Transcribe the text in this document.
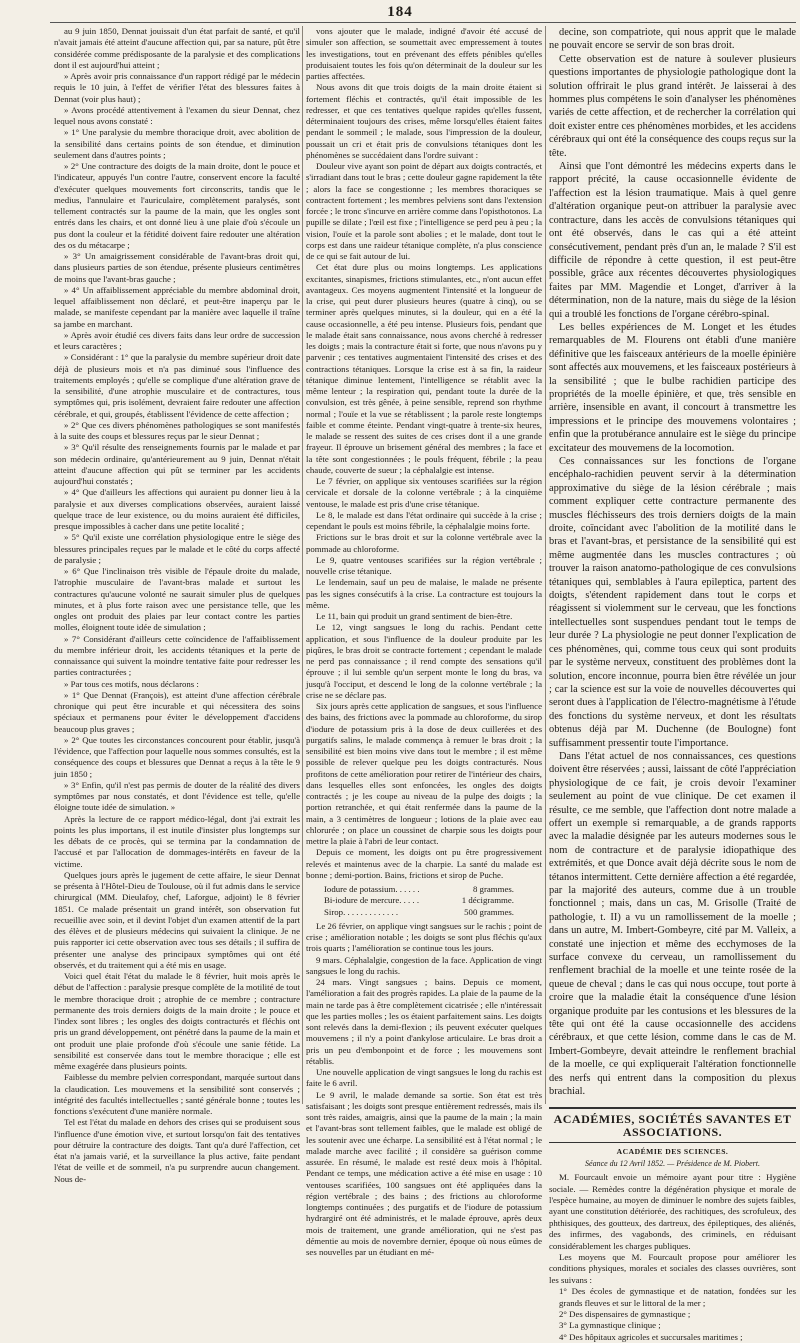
184

au 9 juin 1850, Dennat jouissait d'un état parfait de santé, et qu'il n'avait jamais été atteint d'aucune affection qui, par sa nature, pût être considérée comme prédisposante de la paralysie et des complications dont il est aujourd'hui atteint ;

» Après avoir pris connaissance d'un rapport rédigé par le médecin requis le 10 juin, à l'effet de vérifier l'état des blessures faites à Dennat (voir plus haut) ;

» Avons procédé attentivement à l'examen du sieur Dennat, chez lequel nous avons constaté :

» 1° Une paralysie du membre thoracique droit, avec abolition de la sensibilité dans certains points de son étendue, et diminution seulement dans d'autres points ;

» 2° Une contracture des doigts de la main droite, dont le pouce et l'indicateur, appuyés l'un contre l'autre, conservent encore la faculté d'exécuter quelques mouvements fort circonscrits, tandis que le medius, l'annulaire et l'auriculaire, complètement paralysés, sont tellement contractés sur la paume de la main, que les ongles sont entrés dans les chairs, et ont donné lieu à une plaie d'où s'écoule un pus dont la couleur et la fétidité doivent faire redouter une altération des os du métacarpe ;

» 3° Un amaigrissement considérable de l'avant-bras droit qui, dans plusieurs parties de son étendue, présente plusieurs centimètres de moins que l'avant-bras gauche ;

» 4° Un affaiblissement appréciable du membre abdominal droit, lequel affaiblissement non déclaré, et peut-être inaperçu par le malade, se manifeste cependant par la manière avec laquelle il traîne sa jambe en marchant.

» Après avoir étudié ces divers faits dans leur ordre de succession et leurs caractères ;

» Considérant : 1° que la paralysie du membre supérieur droit date déjà de plusieurs mois et n'a pas diminué sous l'influence des traitements employés ; qu'elle se complique d'une altération grave de la sensibilité, d'une atrophie musculaire et de contractures, tous symptômes qui, pris isolément, devraient faire redouter une affection cérébrale, et qui, groupés, établissent l'évidence de cette affection ;

» 2° Que ces divers phénomènes pathologiques se sont manifestés à la suite des coups et blessures reçus par le sieur Dennat ;

» 3° Qu'il résulte des renseignements fournis par le malade et par son médecin ordinaire, qu'antérieurement au 9 juin, Dennat n'était atteint d'aucune affection qui pût se terminer par les accidents aujourd'hui constatés ;

» 4° Que d'ailleurs les affections qui auraient pu donner lieu à la paralysie et aux diverses complications observées, auraient laissé quelque trace de leur existence, ou du moins auraient été difficiles, presque impossibles à cacher dans une petite localité ;

» 5° Qu'il existe une corrélation physiologique entre le siège des blessures principales reçues par le malade et le côté du corps affecté de paralysie ;

» 6° Que l'inclinaison très visible de l'épaule droite du malade, l'atrophie musculaire de l'avant-bras malade et surtout les contractures qu'aucune volonté ne saurait simuler plus de quelques minutes, et à plus forte raison avec une persistance telle, que les ongles ont produit des plaies par leur contact contre les parties molles, éloignent toute idée de simulation ;

» 7° Considérant d'ailleurs cette coïncidence de l'affaiblissement du membre inférieur droit, les accidents tétaniques et la perte de connaissance qui suivent la moindre tentative faite pour redresser les parties contracturées ;

» Par tous ces motifs, nous déclarons :

» 1° Que Dennat (François), est atteint d'une affection cérébrale chronique qui peut être incurable et qui nécessitera des soins spéciaux et permanens pour éviter le développement d'accidens beaucoup plus graves ;

» 2° Que toutes les circonstances concourent pour établir, jusqu'à l'évidence, que l'affection pour laquelle nous sommes consultés, est la conséquence des coups et blessures que Dennat a reçus à la tête le 9 juin 1850 ;

» 3° Enfin, qu'il n'est pas permis de douter de la réalité des divers symptômes par nous constatés, et dont l'évidence est telle, qu'elle éloigne toute idée de simulation. »

Après la lecture de ce rapport médico-légal, dont j'ai extrait les points les plus importans, il est inutile d'insister plus longtemps sur les débats de ce procès, qui se termina par la condamnation de l'accusé et par l'allocation de dommages-intérêts en faveur de la victime.

Quelques jours après le jugement de cette affaire, le sieur Dennat se présenta à l'Hôtel-Dieu de Toulouse, où il fut admis dans le service chirurgical (MM. Dieulafoy, chef, Laforgue, adjoint) le 8 février 1851. Ce malade présentait un grand intérêt, son observation fut recueillie avec soin, et il devint l'objet d'un examen attentif de la part des élèves et de plusieurs médecins qui suivaient la clinique. Je ne puis rapporter ici cette observation avec tous ses détails ; il suffira de présenter une analyse des principaux symptômes qui ont été observés, et du traitement qui a été mis en usage.

Voici quel était l'état du malade le 8 février, huit mois après le début de l'affection : paralysie presque complète de la motilité de tout le membre thoracique droit ; atrophie de ce membre ; contracture permanente des trois derniers doigts de la main droite ; le pouce et l'index sont libres ; les ongles des doigts contracturés et fléchis ont pris un grand développement, ont pénétré dans la paume de la main et ont produit une plaie profonde d'où s'écoule une sanie fétide. La sensibilité est conservée dans tout le membre thoracique ; elle est même exagérée dans plusieurs points.

Faiblesse du membre pelvien correspondant, marquée surtout dans la claudication. Les mouvemens et la sensibilité sont conservés ; intégrité des facultés intellectuelles ; santé générale bonne ; toutes les fonctions s'exécutent d'une manière normale.

Tel est l'état du malade en dehors des crises qui se produisent sous l'influence d'une émotion vive, et surtout lorsqu'on fait des tentatives pour détruire la contracture des doigts. Tant qu'a duré l'affection, cet état n'a jamais varié, et la surveillance la plus active, faite pendant l'état de veille et de sommeil, n'a pu surprendre aucun changement. Nous de-

vons ajouter que le malade, indigné d'avoir été accusé de simuler son affection, se soumettait avec empressement à toutes les investigations, tout en prévenant des effets pénibles qu'elles produisaient toutes les fois qu'on déterminait de la douleur sur les parties affectées.

Nous avons dit que trois doigts de la main droite étaient si fortement fléchis et contractés, qu'il était impossible de les redresser, et que ces tentatives quelque rapides qu'elles fussent, déterminaient toujours des crises, même lorsqu'elles étaient faites pendant le sommeil ; le malade, sous l'impression de la douleur, poussait un cri et était pris de convulsions tétaniques dont les phénomènes se succédaient dans l'ordre suivant :

Douleur vive ayant son point de départ aux doigts contractés, et s'irradiant dans tout le bras ; cette douleur gagne rapidement la tête ; alors la face se congestionne ; les membres thoraciques se contractent fortement ; les membres pelviens sont dans l'extension forcée ; le tronc s'incurve en arrière comme dans l'opisthotonos. La pupille se dilate ; l'œil est fixe ; l'intelligence se perd peu à peu ; la vision, l'ouïe et la parole sont abolies ; et le malade, dont tout le corps est dans une raideur tétanique complète, n'a plus conscience de ce qui se fait autour de lui.

Cet état dure plus ou moins longtemps. Les applications excitantes, sinapismes, frictions stimulantes, etc., n'ont aucun effet avantageux. Ces moyens augmentent l'intensité et la longueur de la crise, qui peut durer plusieurs heures (quatre à cinq), ou se terminer après quelques minutes, si la douleur, qui en a été la cause occasionnelle, a été peu intense. Plusieurs fois, pendant que le malade était sans connaissance, nous avons cherché à redresser les doigts ; mais la contracture était si forte, que nous n'avons pu y parvenir ; ces tentatives augmentaient l'intensité des crises et des contractions tétaniques. Lorsque la crise est à sa fin, la raideur tétanique diminue lentement, l'intelligence se rétablit avec la même lenteur ; la respiration qui, pendant toute la durée de la convulsion, est très gênée, à peine sensible, reprend son rhythme normal ; l'ouïe et la vue se rétablissent ; la parole reste longtemps faible et comme éteinte. Pendant vingt-quatre à trente-six heures, le malade se ressent des suites de ces crises dont il a une grande frayeur. Il éprouve un brisement général des membres ; la face et la tête sont congestionnées ; le pouls fréquent, fébrile ; la peau chaude, couverte de sueur ; la céphalalgie est intense.

Le 7 février, on applique six ventouses scarifiées sur la région cervicale et dorsale de la colonne vertébrale ; à la cinquième ventouse, le malade est pris d'une crise tétanique.

Le 8, le malade est dans l'état ordinaire qui succède à la crise ; cependant le pouls est moins fébrile, la céphalalgie moins forte.

Frictions sur le bras droit et sur la colonne vertébrale avec la pommade au chloroforme.

Le 9, quatre ventouses scarifiées sur la région vertébrale ; nouvelle crise tétanique.

Le lendemain, sauf un peu de malaise, le malade ne présente pas les signes consécutifs à la crise. La contracture est toujours la même.

Le 11, bain qui produit un grand sentiment de bien-être.

Le 12, vingt sangsues le long du rachis. Pendant cette application, et sous l'influence de la douleur produite par les piqûres, le bras droit se contracte fortement ; cependant le malade ne perd pas connaissance ; il rend compte des sensations qu'il éprouve ; il lui semble qu'un serpent monte le long du bras, va jusqu'à l'occiput, et descend le long de la colonne vertébrale ; la crise ne se déclare pas.

Six jours après cette application de sangsues, et sous l'influence des bains, des frictions avec la pommade au chloroforme, du sirop d'iodure de potassium pris à la dose de deux cuillerées et des purgatifs salins, le malade commença à remuer le bras droit ; la sensibilité est bien moins vive dans tout le membre ; il est même possible de relever quelque peu les doigts contracturés. Nous profitons de cette amélioration pour retirer de l'intérieur des chairs, dans lesquelles elles sont enfoncées, les ongles des doigts contractés ; je les coupe au niveau de la pulpe des doigts ; la portion retranchée, et qui était renfermée dans la paume de la main, a 3 centimètres de longueur ; lotions de la plaie avec eau chlorurée ; on place un coussinet de charpie sous les doigts pour mettre la plaie à l'abri de leur contact.

Depuis ce moment, les doigts ont pu être progressivement relevés et maintenus avec de la charpie. La santé du malade est bonne ; demi-portion. Bains, frictions et sirop de Puche.

Iodure de potassium. . . . . .	8 grammes.
Bi-iodure de mercure. . . . .	1 décigramme.
Sirop. . . . . . . . . . . . .	500 grammes.

Le 26 février, on applique vingt sangsues sur le rachis ; point de crise ; amélioration notable ; les doigts se sont plus fléchis qu'aux trois quarts ; l'amélioration se continue tous les jours.

9 mars. Céphalalgie, congestion de la face. Application de vingt sangsues le long du rachis.

24 mars. Vingt sangsues ; bains. Depuis ce moment, l'amélioration a fait des progrès rapides. La plaie de la paume de la main ne tarde pas à être complètement cicatrisée ; elle n'intéressait que les parties molles ; les os étaient parfaitement sains. Les doigts sont relevés dans la demi-flexion ; ils peuvent exécuter quelques mouvemens ; il n'y a point d'ankylose articulaire. Le bras droit a pris un peu d'embonpoint et de force ; les mouvemens sont rétablis.

Une nouvelle application de vingt sangsues le long du rachis est faite le 6 avril.

Le 9 avril, le malade demande sa sortie. Son état est très satisfaisant ; les doigts sont presque entièrement redressés, mais ils sont très raides, amaigris, ainsi que la paume de la main ; la main et l'avant-bras sont tellement faibles, que le malade est obligé de les soutenir avec une écharpe. La sensibilité est à l'état normal ; le malade marche avec facilité ; il considère sa guérison comme assurée. En résumé, le malade est resté deux mois à l'hôpital. Pendant ce temps, une médication active a été mise en usage : 10 ventouses scarifiées, 100 sangsues ont été appliquées dans la région vertébrale ; des bains ; des frictions au chloroforme longtemps continuées ; des purgatifs et de l'iodure de potassium hydrargiré ont été administrés, et le malade éprouve, après deux mois de traitement, une grande amélioration, qui ne s'est pas démentie au mois de novembre dernier, époque où nous eûmes de ses nouvelles par un étudiant en mé-

decine, son compatriote, qui nous apprit que le malade ne pouvait encore se servir de son bras droit.

Cette observation est de nature à soulever plusieurs questions importantes de physiologie pathologique dont la solution offrirait le plus grand intérêt. Je laisserai à des hommes plus compétens le soin d'analyser les phénomènes variés de cette affection, et de rechercher la corrélation qui doit exister entre ces phénomènes morbides, et les accidens cérébraux qui ont été la conséquence des coups reçus sur la tête.

Ainsi que l'ont démontré les médecins experts dans le rapport précité, la cause occasionnelle évidente de l'affection est la lésion traumatique. Mais à quel genre d'altération organique peut-on attribuer la paralysie avec contracture, dans les accès de convulsions tétaniques qui ont été observés, dans le cas qui a été atteint consécutivement, pendant près d'un an, le malade ? S'il est difficile de répondre à cette question, il est peut-être possible, grâce aux récentes découvertes physiologiques faites par MM. Magendie et Longet, d'arriver à la détermination, non de la nature, mais du siège de la lésion qui a troublé les fonctions de l'organe cérébro-spinal.

Les belles expériences de M. Longet et les études remarquables de M. Flourens ont établi d'une manière définitive que les faisceaux antérieurs de la moelle épinière sont affectés aux mouvemens, et les faisceaux postérieurs à la sensibilité ; que le bulbe rachidien participe des propriétés de la moelle épinière, et que, très sensible en arrière, insensible en avant, il concourt à transmettre les impressions et le principe des mouvemens volontaires ; enfin que la protubérance annulaire est le siège du principe excitateur des mouvemens de la locomotion.

Ces connaissances sur les fonctions de l'organe encéphalo-rachidien peuvent servir à la détermination approximative du siège de la lésion cérébrale ; mais comment expliquer cette contracture permanente des muscles fléchisseurs des trois derniers doigts de la main droite, coïncidant avec l'abolition de la motilité dans le bras et l'avant-bras, et persistance de la sensibilité qui est même augmentée dans les muscles contractures ; où trouver la raison anatomo-pathologique de ces convulsions tétaniques qui, semblables à l'aura epileptica, partent des doigts, s'étendent rapidement dans tout le corps et réagissent si violemment sur le cerveau, que les fonctions intellectuelles sont suspendues pendant tout le temps de leur durée ? La physiologie ne peut donner l'explication de ces phénomènes, qui, comme tous ceux qui sont produits par le système nerveux, constituent des problèmes dont la solution, encore inconnue, pourra bien être révélée un jour ; car la science est sur la voie de nouvelles découvertes qui seront dues à l'application de l'électro-magnétisme à l'étude des fonctions du système nerveux, et dont les résultats obtenus déjà par M. Duchenne (de Boulogne) font suffisamment pressentir toute l'importance.

Dans l'état actuel de nos connaissances, ces questions doivent être réservées ; aussi, laissant de côté l'appréciation physiologique de ce fait, je crois devoir l'examiner seulement au point de vue clinique. De cet examen il résulte, ce me semble, que l'affection dont notre malade a offert un exemple si remarquable, a de grands rapports avec la maladie désignée par les auteurs modernes sous le nom de contracture et de paralysie idiopathique des extrémités, et que Donce avait déjà décrite sous le nom de tétanos intermittent. Cette dernière affection a été regardée, par la majorité des auteurs, comme due à un trouble fonctionnel ; mais, dans un cas, M. Grisolle (Traité de pathologie, t. II) a vu un ramollissement de la moelle ; dans un autre, M. Imbert-Gombeyre, cité par M. Valleix, a constaté une injection et même des ecchymoses de la surface convexe du cerveau, un ramollissement du renflement brachial de la moelle et une teinte rosée de la queue de cheval ; dans le cas qui nous occupe, tout porte à croire que la maladie était la conséquence d'une lésion organique produite par les contusions et les blessures de la tête qui ont été la cause occasionnelle des accidens cérébraux, et que cette lésion, comme dans le cas de M. Imbert-Gombeyre, devait atteindre le renflement brachial de la moelle, ce qui expliquerait l'altération fonctionnelle des nerfs qui entrent dans la composition du plexus brachial.

ACADÉMIES, SOCIÉTÉS SAVANTES ET ASSOCIATIONS.
ACADÉMIE DES SCIENCES.
Séance du 12 Avril 1852. — Présidence de M. Piobert.

M. Fourcault envoie un mémoire ayant pour titre : Hygiène sociale. — Remèdes contre la dégénération physique et morale de l'espèce humaine, au moyen de diminuer le nombre des sujets faibles, ayant une constitution détériorée, des rachitiques, des scrofuleux, des phthisiques, des goutteux, des dartreux, des épileptiques, des aliénés, des infirmes, des vagabonds, des criminels, en réduisant considérablement les charges publiques.

Les moyens que M. Fourcault propose pour améliorer les conditions physiques, morales et sociales des classes ouvrières, sont les suivans :

1° Des écoles de gymnastique et de natation, fondées sur les grands fleuves et sur le littoral de la mer ;

2° Des dispensaires de gymnastique ;

3° La gymnastique clinique ;

4° Des hôpitaux agricoles et succursales maritimes ;
